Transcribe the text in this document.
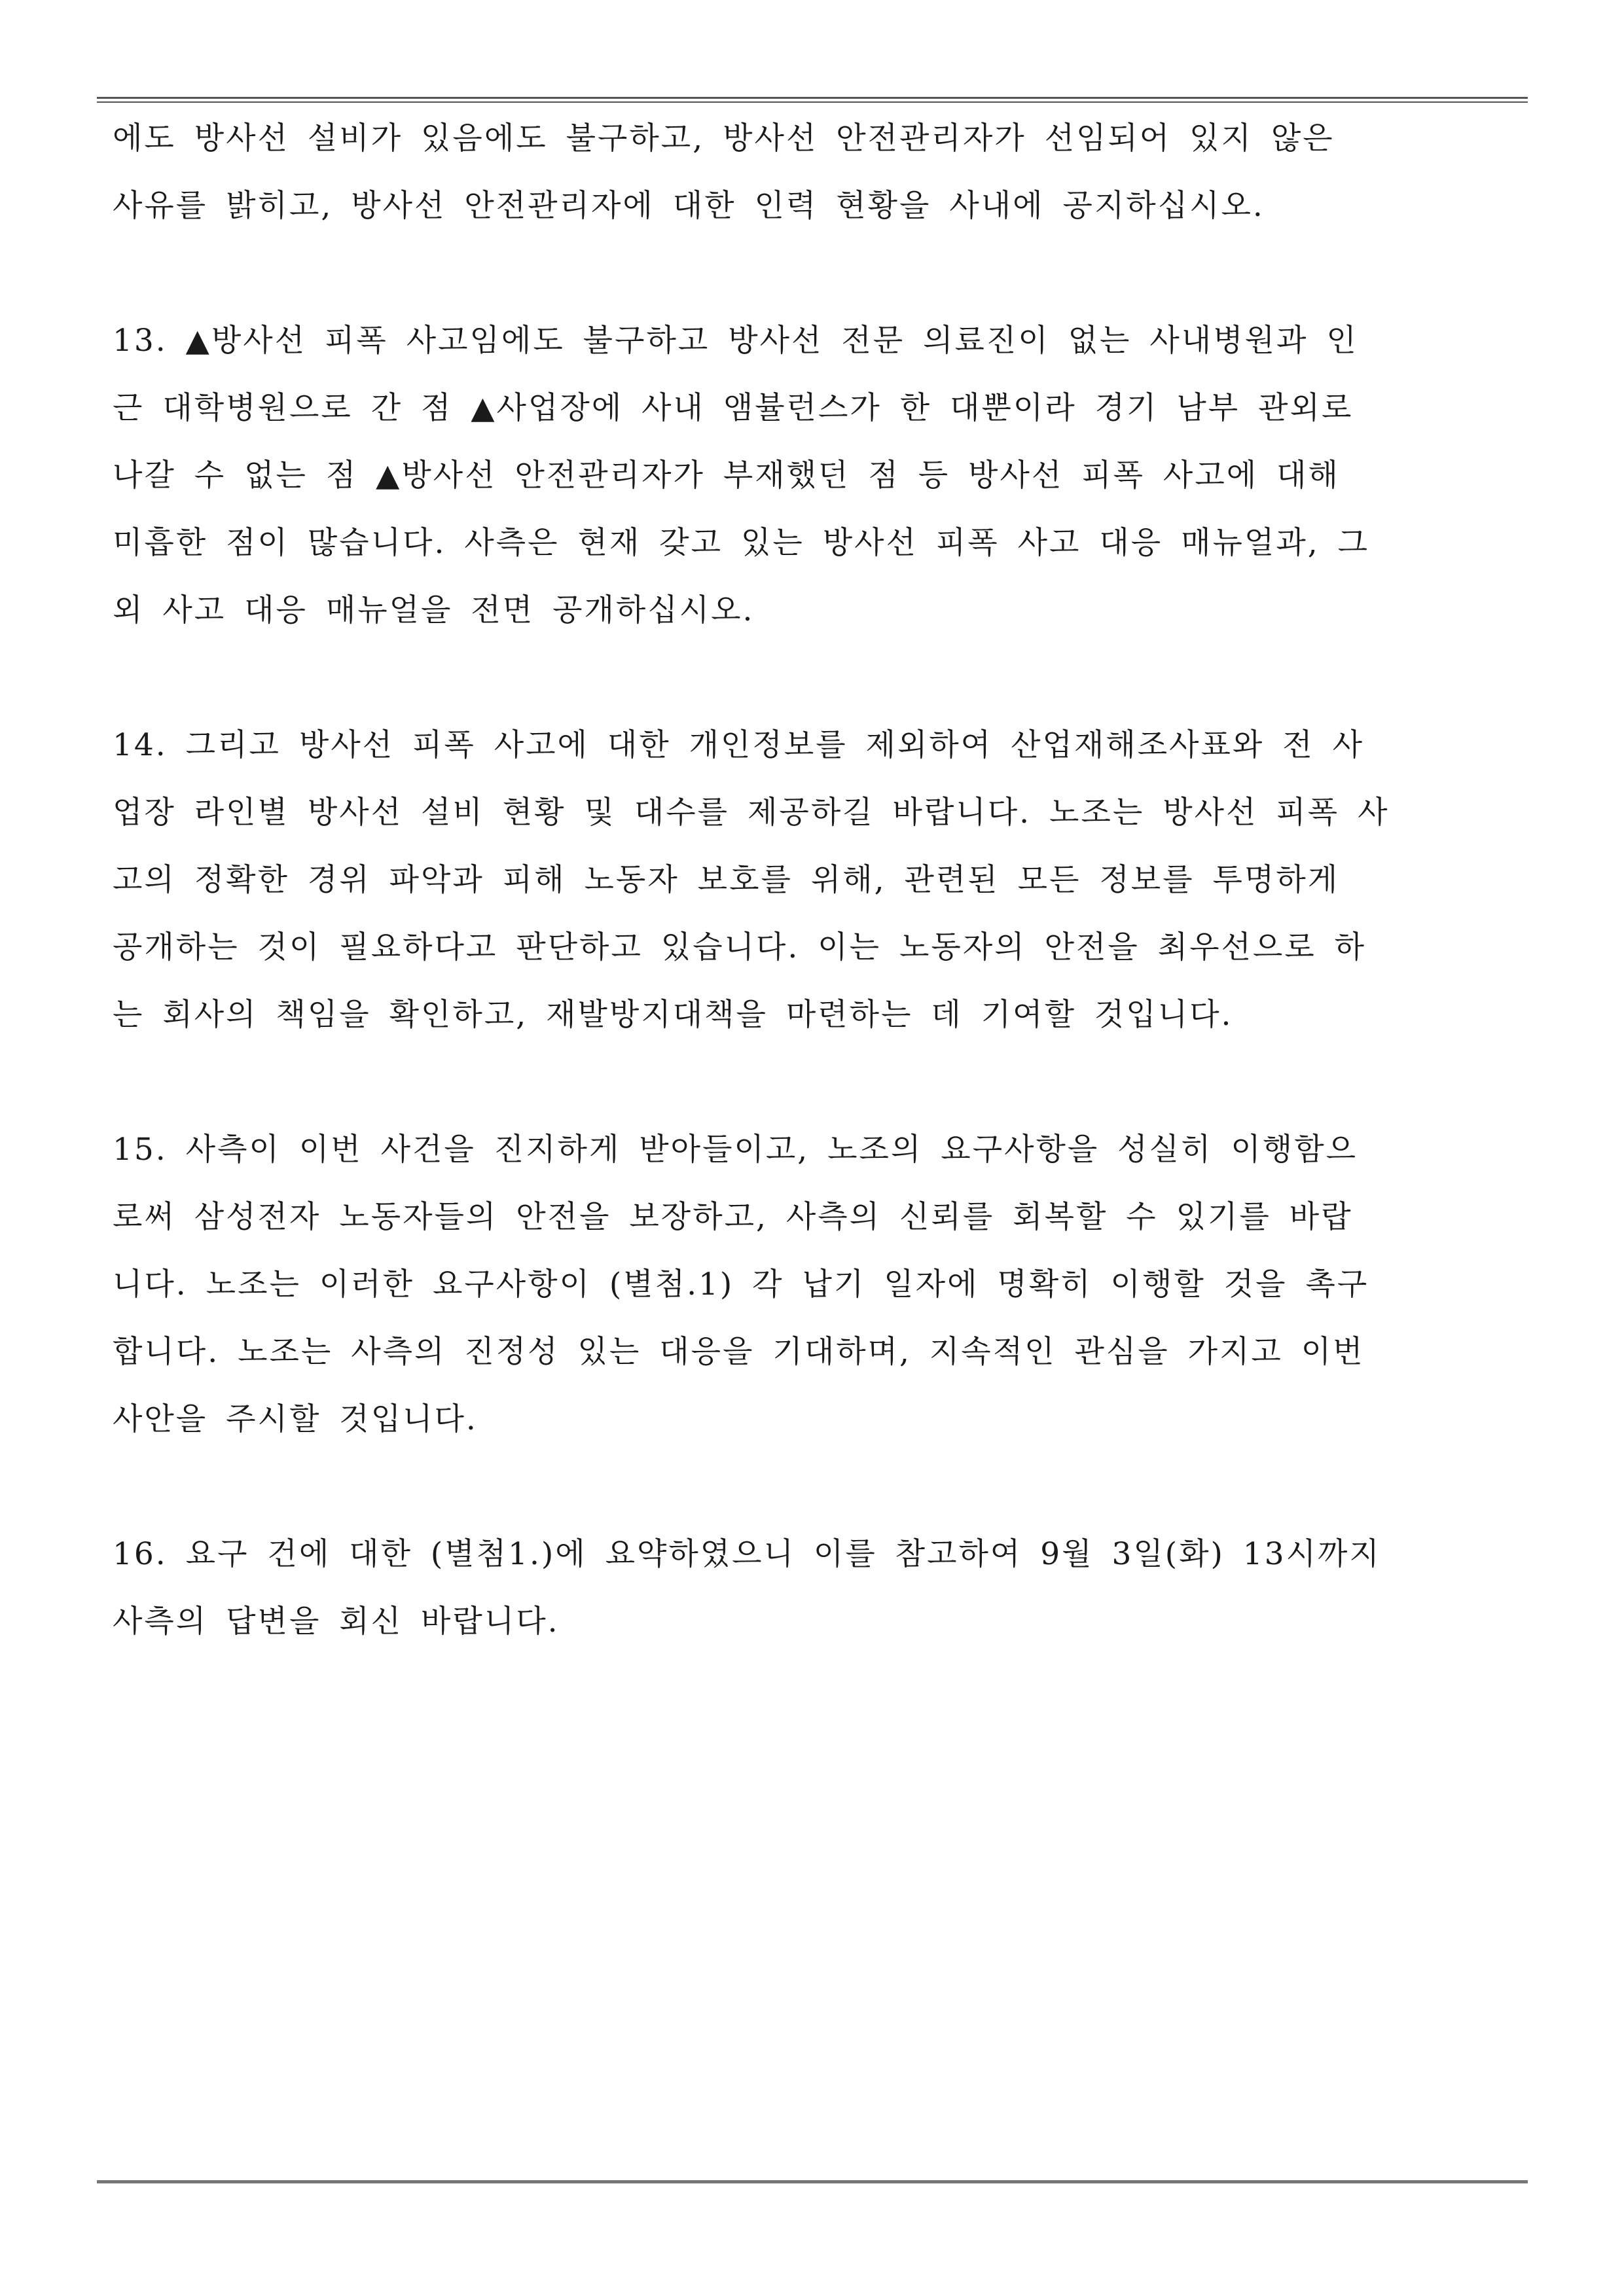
에도 방사선 설비가 있음에도 불구하고, 방사선 안전관리자가 선임되어 있지 않은
사유를 밝히고, 방사선 안전관리자에 대한 인력 현황을 사내에 공지하십시오.
13. ▲방사선 피폭 사고임에도 불구하고 방사선 전문 의료진이 없는 사내병원과 인
근 대학병원으로 간 점 ▲사업장에 사내 앰뷸런스가 한 대뿐이라 경기 남부 관외로
나갈 수 없는 점 ▲방사선 안전관리자가 부재했던 점 등 방사선 피폭 사고에 대해
미흡한 점이 많습니다. 사측은 현재 갖고 있는 방사선 피폭 사고 대응 매뉴얼과, 그
외 사고 대응 매뉴얼을 전면 공개하십시오.
14. 그리고 방사선 피폭 사고에 대한 개인정보를 제외하여 산업재해조사표와 전 사
업장 라인별 방사선 설비 현황 및 대수를 제공하길 바랍니다. 노조는 방사선 피폭 사
고의 정확한 경위 파악과 피해 노동자 보호를 위해, 관련된 모든 정보를 투명하게
공개하는 것이 필요하다고 판단하고 있습니다. 이는 노동자의 안전을 최우선으로 하
는 회사의 책임을 확인하고, 재발방지대책을 마련하는 데 기여할 것입니다.
15. 사측이 이번 사건을 진지하게 받아들이고, 노조의 요구사항을 성실히 이행함으
로써 삼성전자 노동자들의 안전을 보장하고, 사측의 신뢰를 회복할 수 있기를 바랍
니다. 노조는 이러한 요구사항이 (별첨.1) 각 납기 일자에 명확히 이행할 것을 촉구
합니다. 노조는 사측의 진정성 있는 대응을 기대하며, 지속적인 관심을 가지고 이번
사안을 주시할 것입니다.
16. 요구 건에 대한 (별첨1.)에 요약하였으니 이를 참고하여 9월 3일(화) 13시까지
사측의 답변을 회신 바랍니다.
